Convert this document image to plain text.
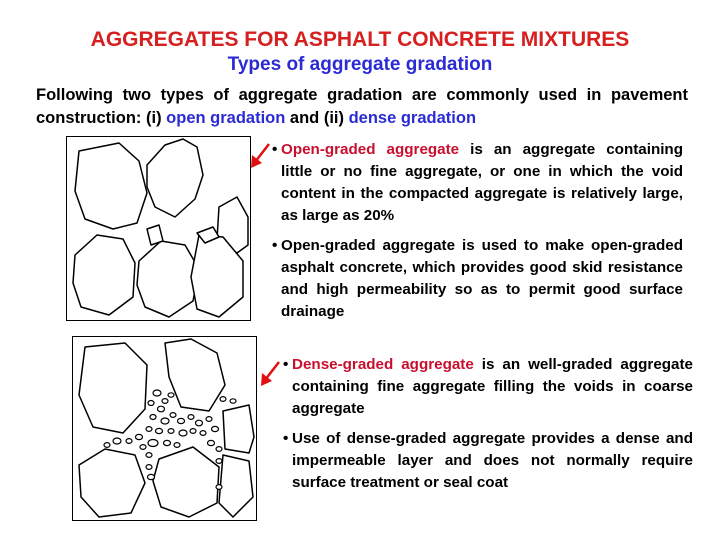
AGGREGATES FOR ASPHALT CONCRETE MIXTURES
Types of aggregate gradation

Following two types of aggregate gradation are commonly used in pavement construction: (i) open gradation and (ii) dense gradation

• Open-graded aggregate is an aggregate containing little or no fine aggregate, or one in which the void content in the compacted aggregate is relatively large, as large as 20%
• Open-graded aggregate is used to make open-graded asphalt concrete, which provides good skid resistance and high permeability so as to permit good surface drainage
• Dense-graded aggregate is an well-graded aggregate containing fine aggregate filling the voids in coarse aggregate
• Use of dense-graded aggregate provides a dense and impermeable layer and does not normally require surface treatment or seal coat
